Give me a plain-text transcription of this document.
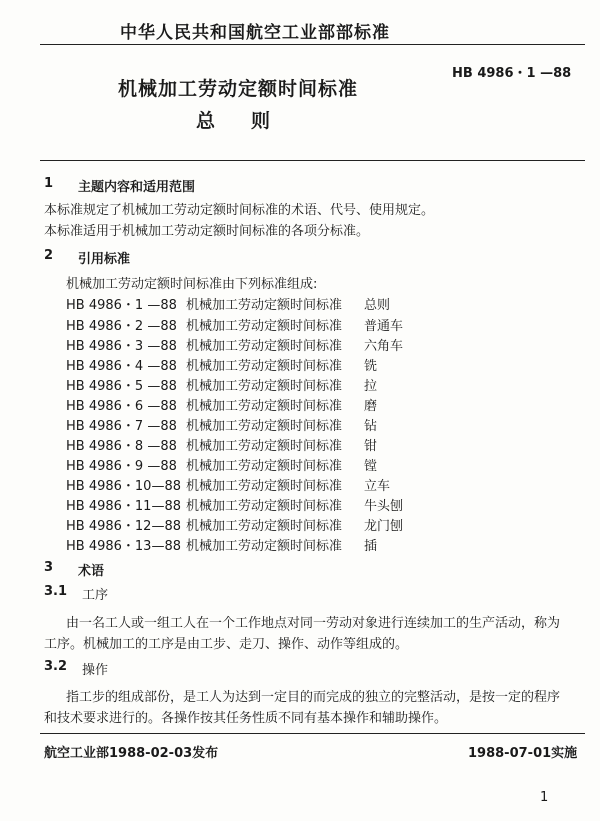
中华人民共和国航空工业部部标准
HB 4986・1 —88
机械加工劳动定额时间标准
总则
1 主题内容和适用范围
本标准规定了机械加工劳动定额时间标准的术语、代号、使用规定。
本标准适用于机械加工劳动定额时间标准的各项分标准。
2 引用标准
机械加工劳动定额时间标准由下列标准组成:
HB 4986・1 —88 机械加工劳动定额时间标准 总则
HB 4986・2 —88 机械加工劳动定额时间标准 普通车
HB 4986・3 —88 机械加工劳动定额时间标准 六角车
HB 4986・4 —88 机械加工劳动定额时间标准 铣
HB 4986・5 —88 机械加工劳动定额时间标准 拉
HB 4986・6 —88 机械加工劳动定额时间标准 磨
HB 4986・7 —88 机械加工劳动定额时间标准 钻
HB 4986・8 —88 机械加工劳动定额时间标准 钳
HB 4986・9 —88 机械加工劳动定额时间标准 镗
HB 4986・10—88 机械加工劳动定额时间标准 立车
HB 4986・11—88 机械加工劳动定额时间标准 牛头刨
HB 4986・12—88 机械加工劳动定额时间标准 龙门刨
HB 4986・13—88 机械加工劳动定额时间标准 插
3 术语
3.1 工序
由一名工人或一组工人在一个工作地点对同一劳动对象进行连续加工的生产活动，称为
工序。机械加工的工序是由工步、走刀、操作、动作等组成的。
3.2 操作
指工步的组成部份，是工人为达到一定目的而完成的独立的完整活动，是按一定的程序
和技术要求进行的。各操作按其任务性质不同有基本操作和辅助操作。
航空工业部1988-02-03发布	1988-07-01实施
1
